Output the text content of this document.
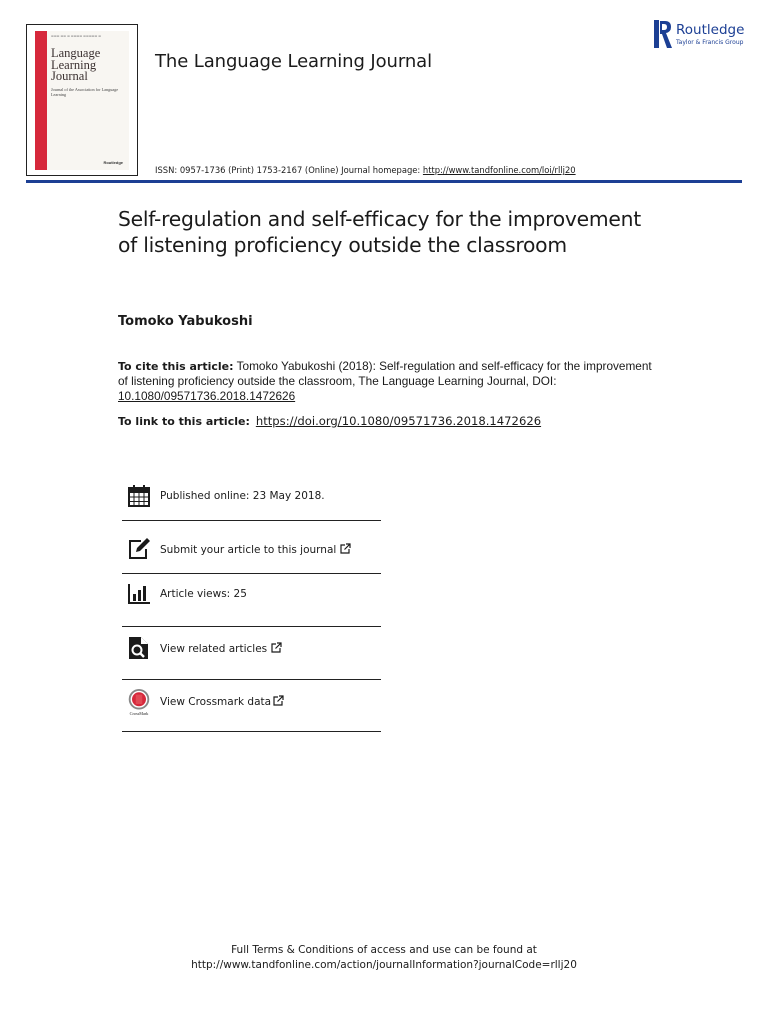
▬▬▬ ▬▬ ▬ ▬▬▬▬ ▬▬▬▬▬ ▬
Language
Learning
Journal
Journal of the Association for Language Learning
Routledge
The Language Learning Journal
ISSN: 0957-1736 (Print) 1753-2167 (Online) Journal homepage: http://www.tandfonline.com/loi/rllj20
Routledge
Taylor & Francis Group
Self-regulation and self-efficacy for the improvement of listening proficiency outside the classroom
Tomoko Yabukoshi
To cite this article: Tomoko Yabukoshi (2018): Self-regulation and self-efficacy for the improvement of listening proficiency outside the classroom, The Language Learning Journal, DOI: 10.1080/09571736.2018.1472626
To link to this article: https://doi.org/10.1080/09571736.2018.1472626
Published online: 23 May 2018.
Submit your article to this journal
Article views: 25
View related articles
CrossMark
View Crossmark data
Full Terms & Conditions of access and use can be found at
http://www.tandfonline.com/action/journalInformation?journalCode=rllj20
